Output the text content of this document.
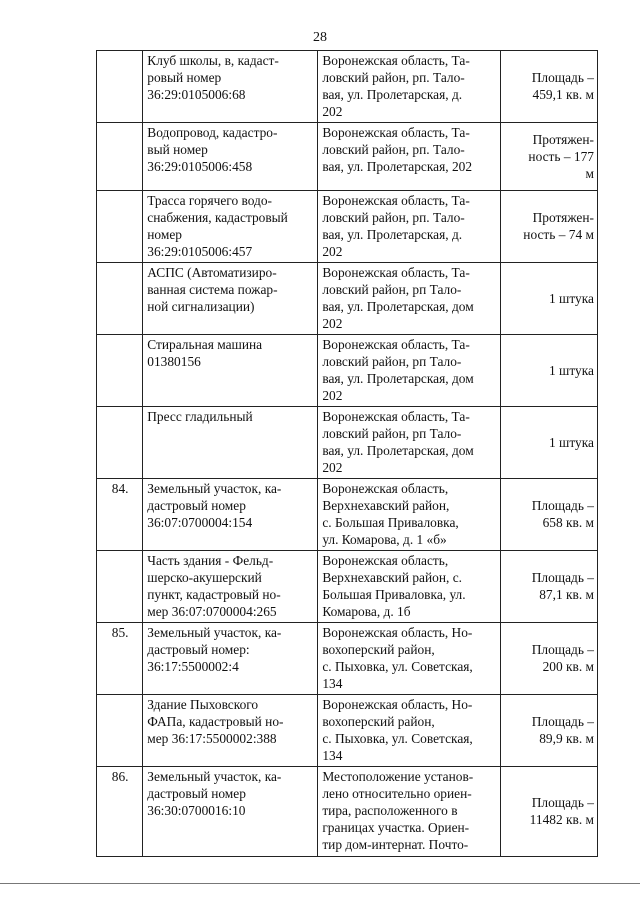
28

	Клуб школы, в, кадаст-
ровый номер
36:29:0105006:68	Воронежская область, Та-
ловский район, рп. Тало-
вая, ул. Пролетарская, д.
202	Площадь –
459,1 кв. м

	Водопровод, кадастро-
вый номер
36:29:0105006:458	Воронежская область, Та-
ловский район, рп. Тало-
вая, ул. Пролетарская, 202	Протяжен-
ность – 177
м

	Трасса горячего водо-
снабжения, кадастровый
номер
36:29:0105006:457	Воронежская область, Та-
ловский район, рп. Тало-
вая, ул. Пролетарская, д.
202	Протяжен-
ность – 74 м

	АСПС (Автоматизиро-
ванная система пожар-
ной сигнализации)	Воронежская область, Та-
ловский район, рп Тало-
вая, ул. Пролетарская, дом
202	1 штука

	Стиральная машина
01380156	Воронежская область, Та-
ловский район, рп Тало-
вая, ул. Пролетарская, дом
202	1 штука

	Пресс гладильный	Воронежская область, Та-
ловский район, рп Тало-
вая, ул. Пролетарская, дом
202	1 штука

84.	Земельный участок, ка-
дастровый номер
36:07:0700004:154	Воронежская область,
Верхнехавский район,
с. Большая Приваловка,
ул. Комарова, д. 1 «б»	Площадь –
658 кв. м

	Часть здания - Фельд-
шерско-акушерский
пункт, кадастровый но-
мер 36:07:0700004:265	Воронежская область,
Верхнехавский район, с.
Большая Приваловка, ул.
Комарова, д. 1б	Площадь –
87,1 кв. м

85.	Земельный участок, ка-
дастровый номер:
36:17:5500002:4	Воронежская область, Но-
вохоперский район,
с. Пыховка, ул. Советская,
134	Площадь –
200 кв. м

	Здание Пыховского
ФАПа, кадастровый но-
мер 36:17:5500002:388	Воронежская область, Но-
вохоперский район,
с. Пыховка, ул. Советская,
134	Площадь –
89,9 кв. м

86.	Земельный участок, ка-
дастровый номер
36:30:0700016:10	Местоположение установ-
лено относительно ориен-
тира, расположенного в
границах участка. Ориен-
тир дом-интернат. Почто-	Площадь –
11482 кв. м
